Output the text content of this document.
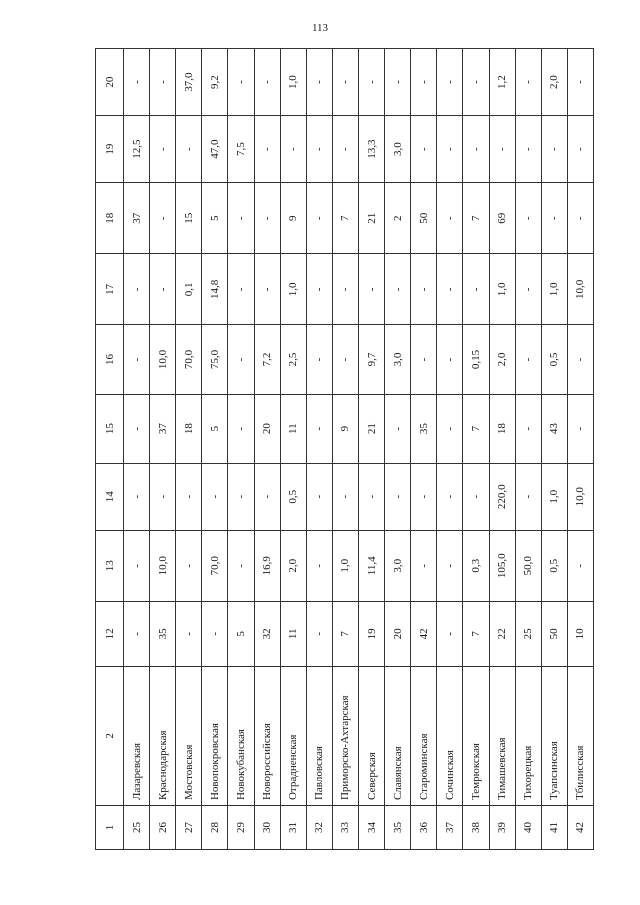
113
1	2	12	13	14	15	16	17	18	19	20
25	Лазаревская	-	-	-	-	-	-	37	12,5	-
26	Краснодарская	35	10,0	-	37	10,0	-	-	-	-
27	Мостовская	-	-	-	18	70,0	0,1	15	-	37,0
28	Новопокровская	-	70,0	-	5	75,0	14,8	5	47,0	9,2
29	Новокубанская	5	-	-	-	-	-	-	7,5	-
30	Новороссийская	32	16,9	-	20	7,2	-	-	-	-
31	Отрадненская	11	2,0	0,5	11	2,5	1,0	9	-	1,0
32	Павловская	-	-	-	-	-	-	-	-	-
33	Приморско-Ахтарская	7	1,0	-	9	-	-	7	-	-
34	Северская	19	11,4	-	21	9,7	-	21	13,3	-
35	Славянская	20	3,0	-	-	3,0	-	2	3,0	-
36	Староминская	42	-	-	35	-	-	50	-	-
37	Сочинская	-	-	-	-	-	-	-	-	-
38	Темрюкская	7	0,3	-	7	0,15	-	7	-	-
39	Тимашевская	22	105,0	220,0	18	2,0	1,0	69	-	1,2
40	Тихорецкая	25	50,0	-	-	-	-	-	-	-
41	Туапсинская	50	0,5	1,0	43	0,5	1,0	-	-	2,0
42	Тбилисская	10	-	10,0	-	-	10,0	-	-	-
